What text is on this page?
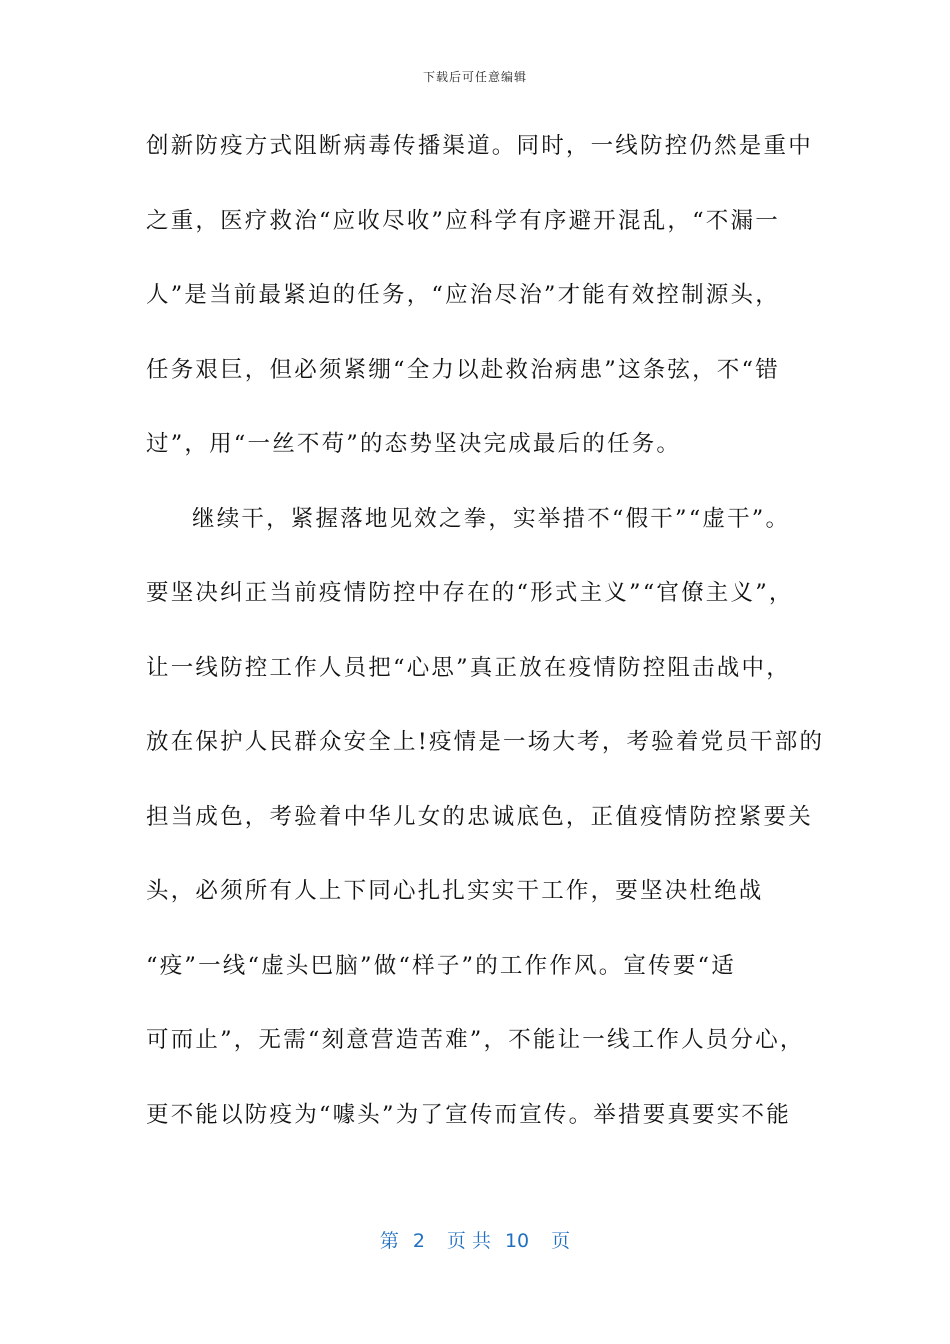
下载后可任意编辑
创新防疫方式阻断病毒传播渠道。同时，一线防控仍然是重中
之重，医疗救治“应收尽收”应科学有序避开混乱，“不漏一
人”是当前最紧迫的任务，“应治尽治”才能有效控制源头，
任务艰巨，但必须紧绷“全力以赴救治病患”这条弦，不“错
过”，用“一丝不苟”的态势坚决完成最后的任务。
继续干，紧握落地见效之拳，实举措不“假干”“虚干”。
要坚决纠正当前疫情防控中存在的“形式主义”“官僚主义”，
让一线防控工作人员把“心思”真正放在疫情防控阻击战中，
放在保护人民群众安全上!疫情是一场大考，考验着党员干部的
担当成色，考验着中华儿女的忠诚底色，正值疫情防控紧要关
头，必须所有人上下同心扎扎实实干工作，要坚决杜绝战
“疫”一线“虚头巴脑”做“样子”的工作作风。宣传要“适
可而止”，无需“刻意营造苦难”，不能让一线工作人员分心，
更不能以防疫为“噱头”为了宣传而宣传。举措要真要实不能
第 2 页 共 10 页
